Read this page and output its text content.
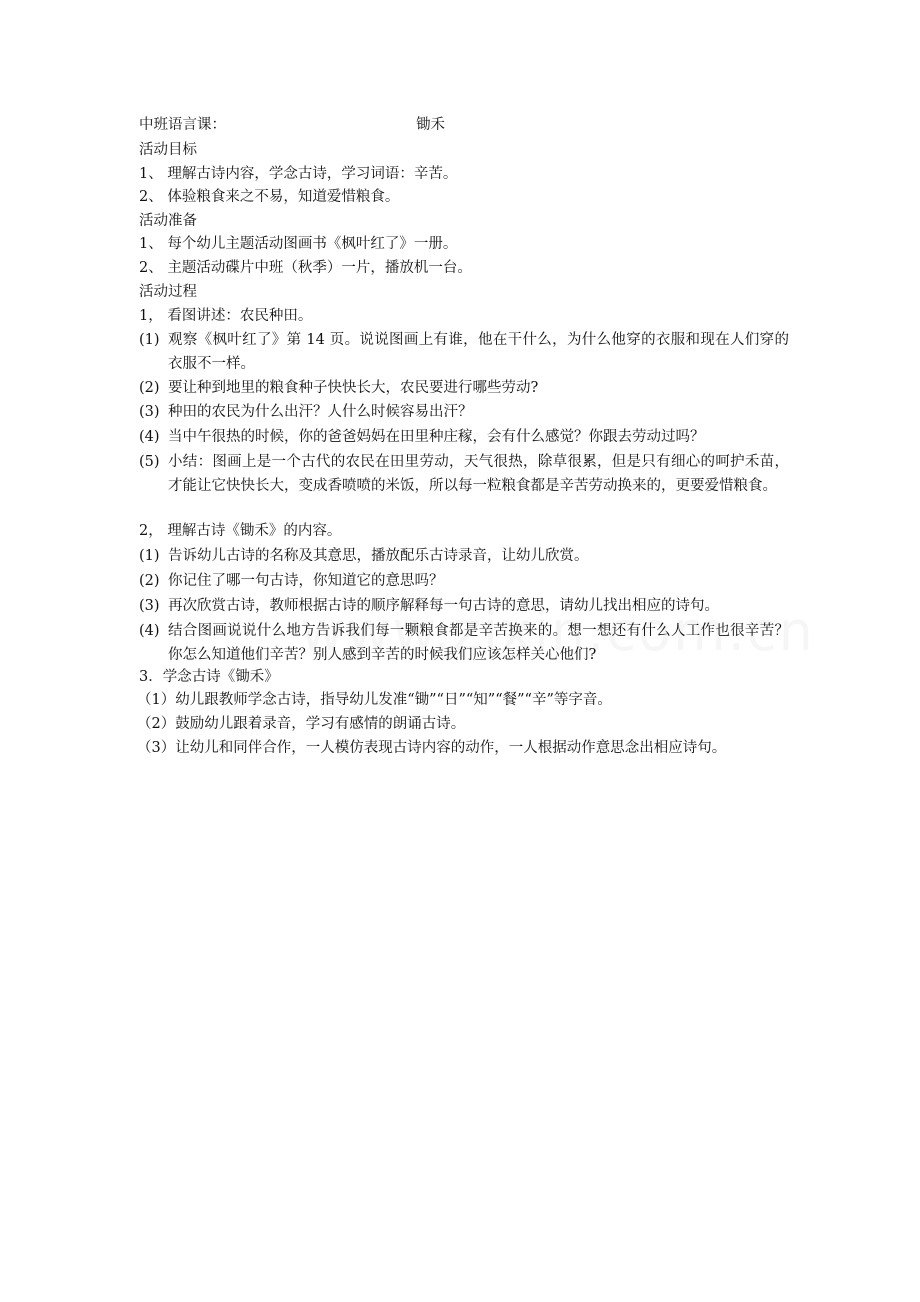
中班语言课：	锄禾
活动目标
1、 理解古诗内容，学念古诗，学习词语：辛苦。
2、 体验粮食来之不易，知道爱惜粮食。
活动准备
1、 每个幼儿主题活动图画书《枫叶红了》一册。
2、 主题活动碟片中班（秋季）一片，播放机一台。
活动过程
1， 看图讲述：农民种田。
(1) 观察《枫叶红了》第 14 页。说说图画上有谁，他在干什么，为什么他穿的衣服和现在人们穿的衣服不一样。
(2) 要让种到地里的粮食种子快快长大，农民要进行哪些劳动?
(3) 种田的农民为什么出汗？人什么时候容易出汗？
(4) 当中午很热的时候，你的爸爸妈妈在田里种庄稼，会有什么感觉？你跟去劳动过吗？
(5) 小结：图画上是一个古代的农民在田里劳动，天气很热，除草很累，但是只有细心的呵护禾苗，才能让它快快长大，变成香喷喷的米饭，所以每一粒粮食都是辛苦劳动换来的，更要爱惜粮食。
2， 理解古诗《锄禾》的内容。
(1) 告诉幼儿古诗的名称及其意思，播放配乐古诗录音，让幼儿欣赏。
(2) 你记住了哪一句古诗，你知道它的意思吗？
(3) 再次欣赏古诗，教师根据古诗的顺序解释每一句古诗的意思，请幼儿找出相应的诗句。
(4) 结合图画说说什么地方告诉我们每一颗粮食都是辛苦换来的。想一想还有什么人工作也很辛苦？你怎么知道他们辛苦？别人感到辛苦的时候我们应该怎样关心他们?
3．学念古诗《锄禾》
（1）幼儿跟教师学念古诗，指导幼儿发准“锄”“日”“知”“餐”“辛”等字音。
（2）鼓励幼儿跟着录音，学习有感情的朗诵古诗。
（3）让幼儿和同伴合作，一人模仿表现古诗内容的动作，一人根据动作意思念出相应诗句。
